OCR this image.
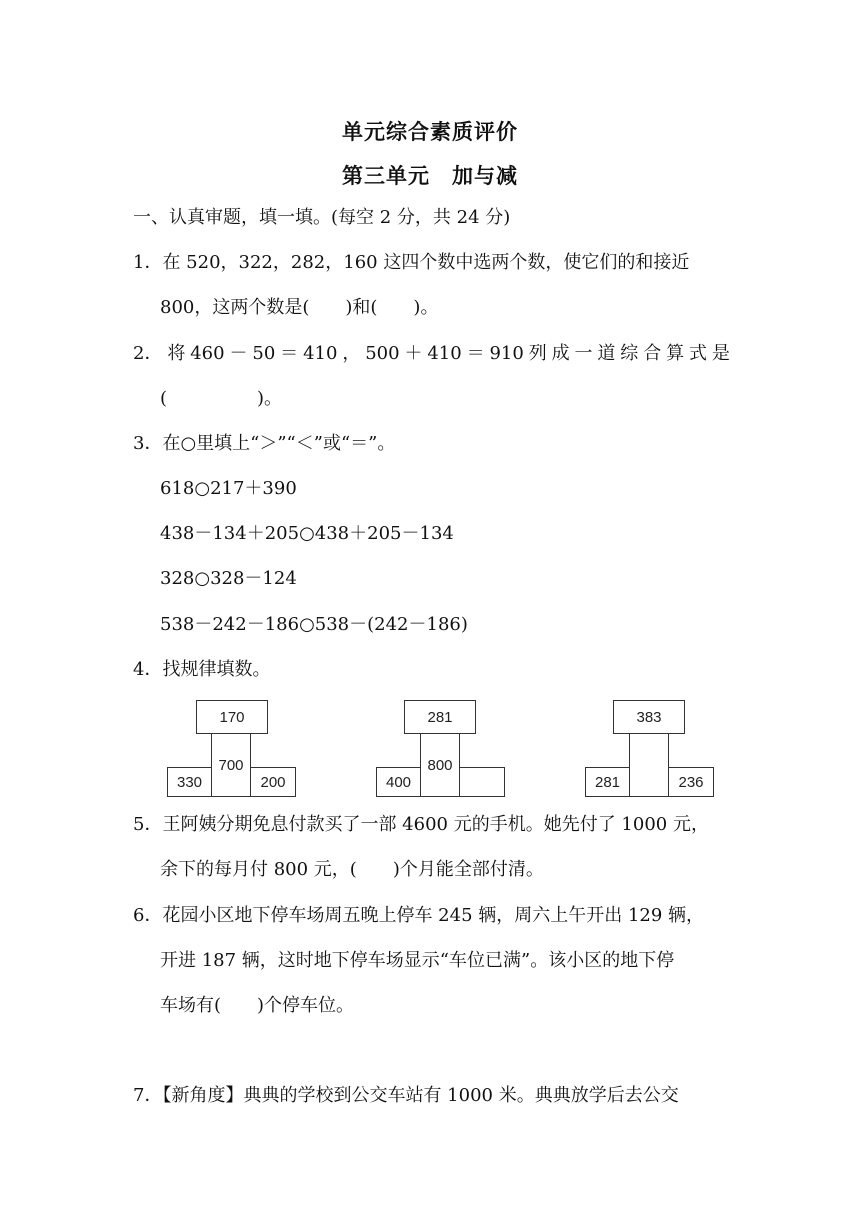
单元综合素质评价
第三单元　加与减
一、认真审题，填一填。(每空 2 分，共 24 分)
1．在 520，322，282，160 这四个数中选两个数，使它们的和接近
800，这两个数是(　　)和(　　)。
2． 将 460 － 50 ＝ 410 ， 500 ＋ 410 ＝ 910 列 成 一 道 综 合 算 式 是
(　　　　　)。
3．在○里填上“＞”“＜”或“＝”。
618○217＋390
438－134＋205○438＋205－134
328○328－124
538－242－186○538－(242－186)
4．找规律填数。
170
700
330	200
281
800
400
383
281	236
5．王阿姨分期免息付款买了一部 4600 元的手机。她先付了 1000 元，
余下的每月付 800 元，(　　)个月能全部付清。
6．花园小区地下停车场周五晚上停车 245 辆，周六上午开出 129 辆，
开进 187 辆，这时地下停车场显示“车位已满”。该小区的地下停
车场有(　　)个停车位。
7．【新角度】典典的学校到公交车站有 1000 米。典典放学后去公交
